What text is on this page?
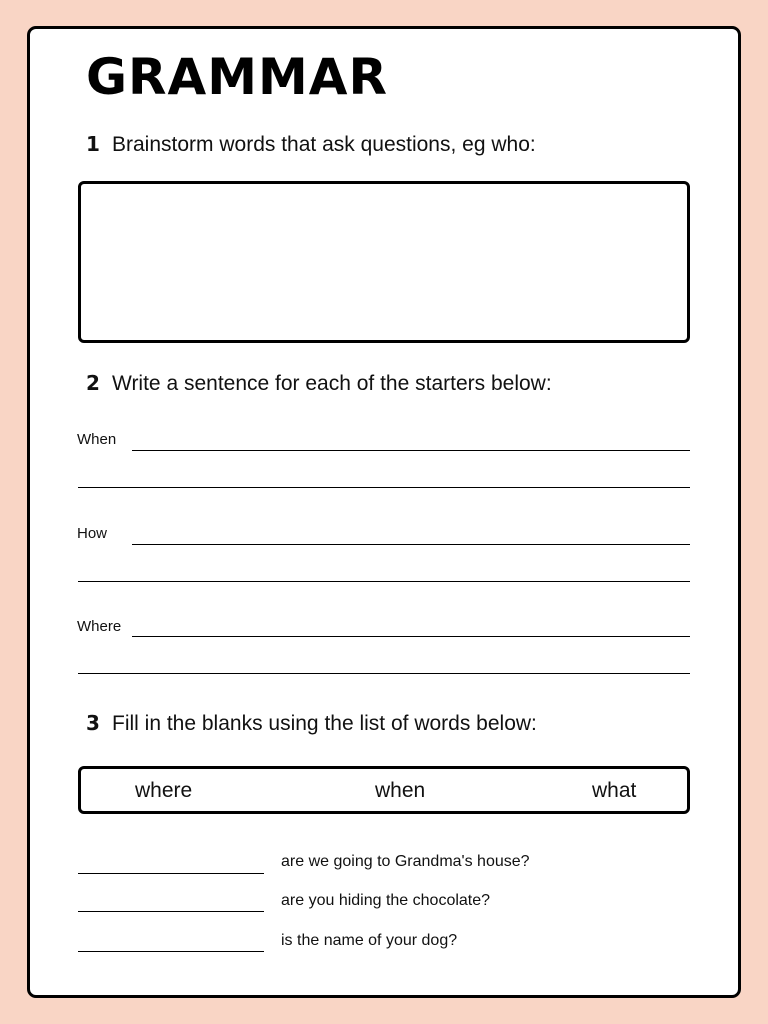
GRAMMAR
1 Brainstorm words that ask questions, eg who:
2 Write a sentence for each of the starters below:
When
How
Where
3 Fill in the blanks using the list of words below:
where	when	what
are we going to Grandma's house?
are you hiding the chocolate?
is the name of your dog?
